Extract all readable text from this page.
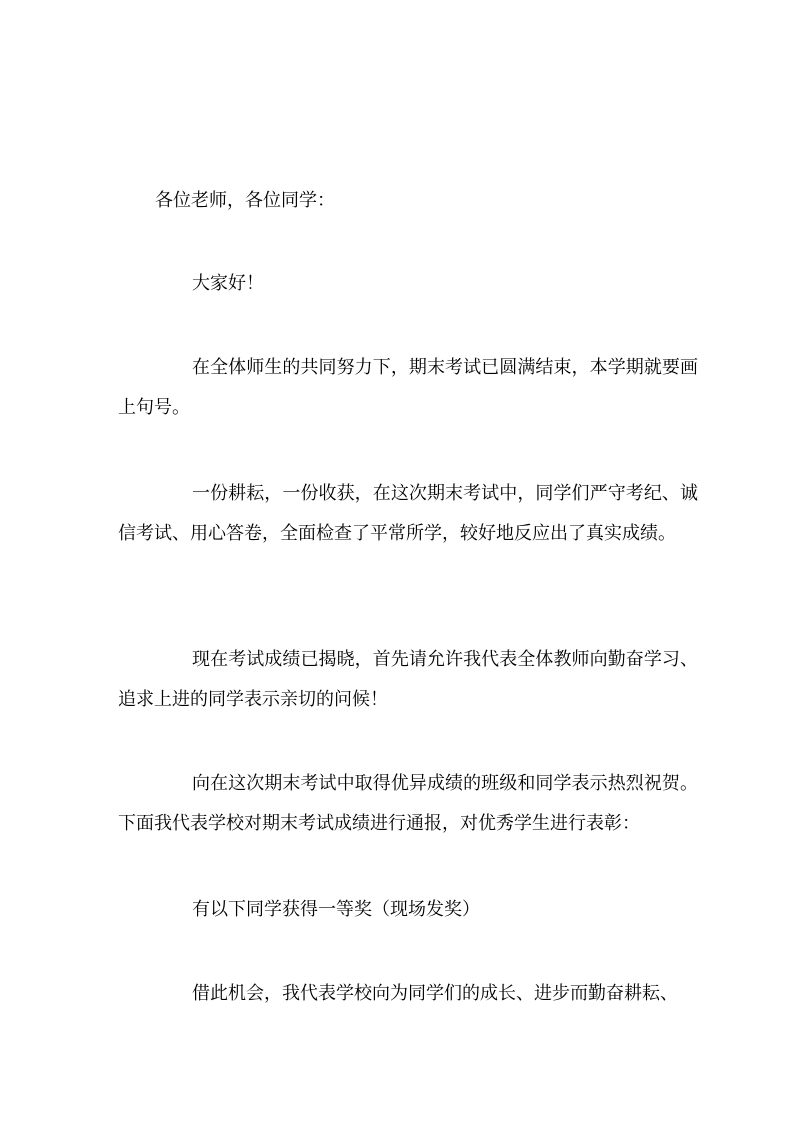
各位老师，各位同学：

大家好！

在全体师生的共同努力下，期末考试已圆满结束，本学期就要画上句号。

一份耕耘，一份收获，在这次期末考试中，同学们严守考纪、诚信考试、用心答卷，全面检查了平常所学，较好地反应出了真实成绩。

现在考试成绩已揭晓，首先请允许我代表全体教师向勤奋学习、追求上进的同学表示亲切的问候！

向在这次期末考试中取得优异成绩的班级和同学表示热烈祝贺。下面我代表学校对期末考试成绩进行通报，对优秀学生进行表彰：

有以下同学获得一等奖（现场发奖）

借此机会，我代表学校向为同学们的成长、进步而勤奋耕耘、
